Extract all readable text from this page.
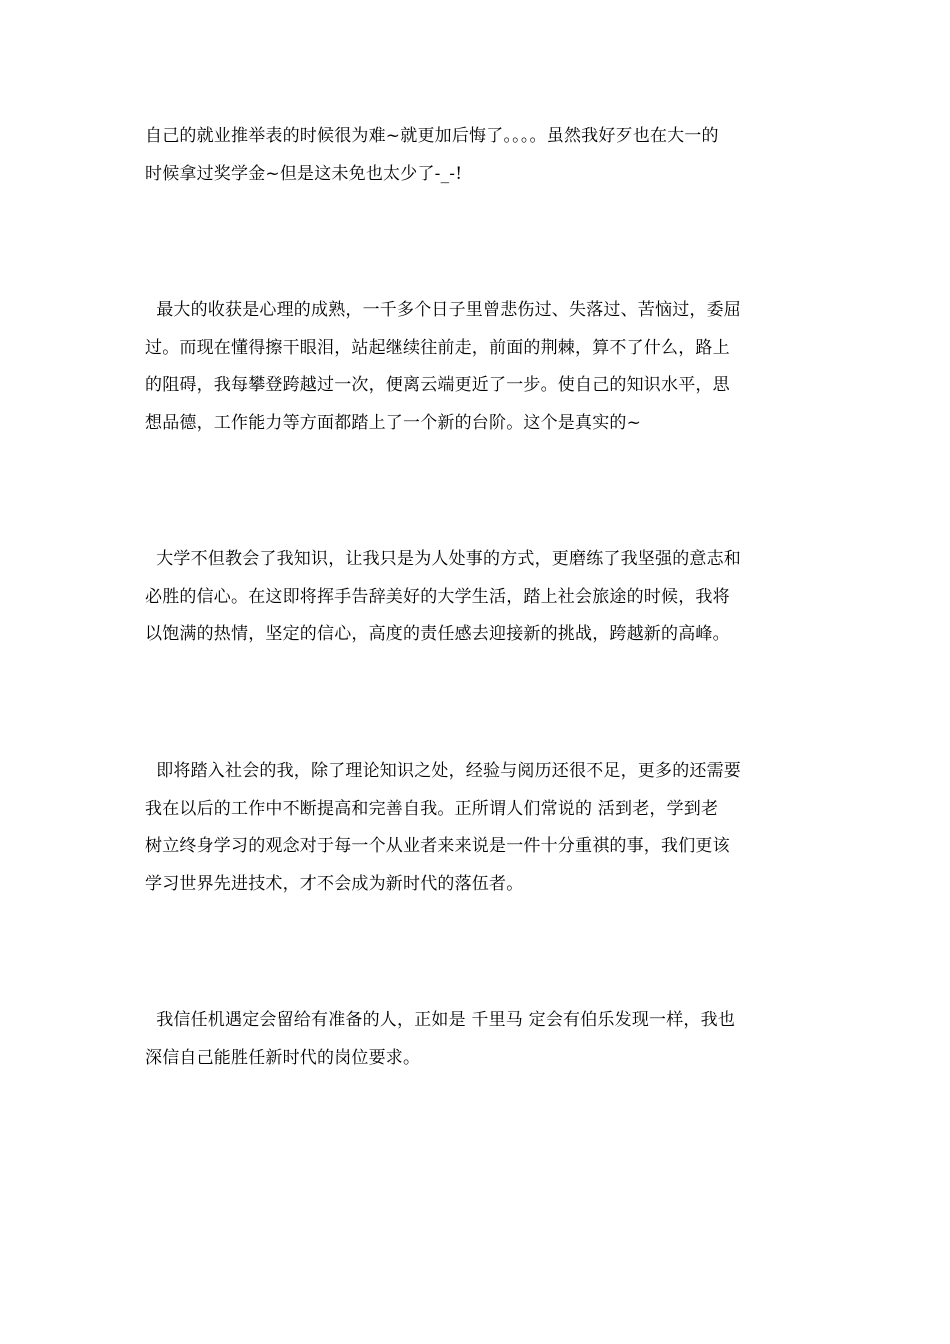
自己的就业推举表的时候很为难~就更加后悔了。。。。虽然我好歹也在大一的
时候拿过奖学金~但是这未免也太少了-_-!
最大的收获是心理的成熟，一千多个日子里曾悲伤过、失落过、苦恼过，委屈
过。而现在懂得擦干眼泪，站起继续往前走，前面的荆棘，算不了什么，路上
的阻碍，我每攀登跨越过一次，便离云端更近了一步。使自己的知识水平，思
想品德，工作能力等方面都踏上了一个新的台阶。这个是真实的~
大学不但教会了我知识，让我只是为人处事的方式，更磨练了我坚强的意志和
必胜的信心。在这即将挥手告辞美好的大学生活，踏上社会旅途的时候，我将
以饱满的热情，坚定的信心，高度的责任感去迎接新的挑战，跨越新的高峰。
即将踏入社会的我，除了理论知识之处，经验与阅历还很不足，更多的还需要
我在以后的工作中不断提高和完善自我。正所谓人们常说的 活到老，学到老
树立终身学习的观念对于每一个从业者来来说是一件十分重祺的事，我们更该
学习世界先进技术，才不会成为新时代的落伍者。
我信任机遇定会留给有准备的人，正如是 千里马 定会有伯乐发现一样，我也
深信自己能胜任新时代的岗位要求。
